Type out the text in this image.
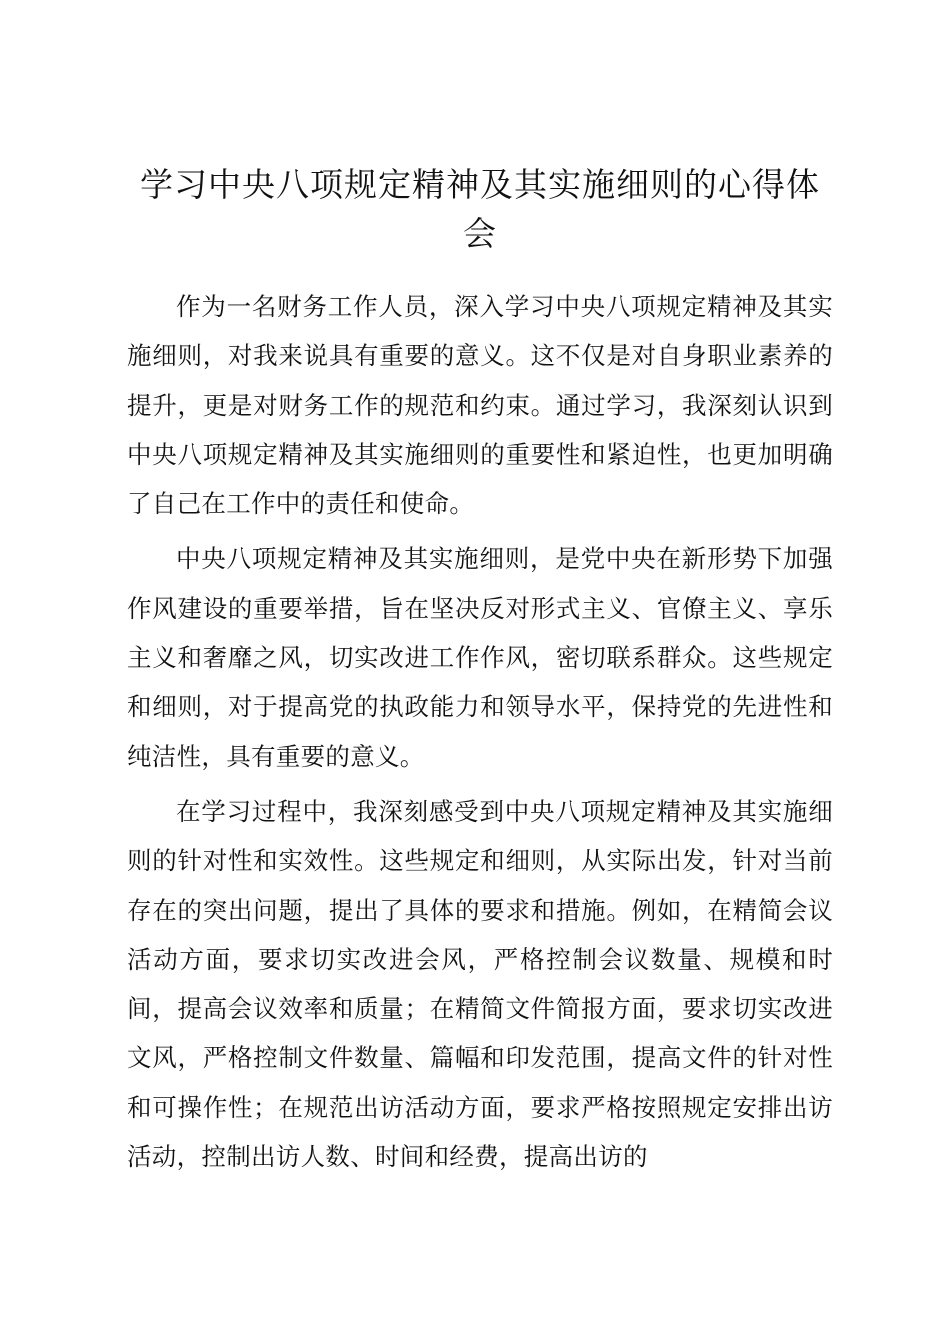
学习中央八项规定精神及其实施细则的心得体会

作为一名财务工作人员，深入学习中央八项规定精神及其实施细则，对我来说具有重要的意义。这不仅是对自身职业素养的提升，更是对财务工作的规范和约束。通过学习，我深刻认识到中央八项规定精神及其实施细则的重要性和紧迫性，也更加明确了自己在工作中的责任和使命。

中央八项规定精神及其实施细则，是党中央在新形势下加强作风建设的重要举措，旨在坚决反对形式主义、官僚主义、享乐主义和奢靡之风，切实改进工作作风，密切联系群众。这些规定和细则，对于提高党的执政能力和领导水平，保持党的先进性和纯洁性，具有重要的意义。

在学习过程中，我深刻感受到中央八项规定精神及其实施细则的针对性和实效性。这些规定和细则，从实际出发，针对当前存在的突出问题，提出了具体的要求和措施。例如，在精简会议活动方面，要求切实改进会风，严格控制会议数量、规模和时间，提高会议效率和质量；在精简文件简报方面，要求切实改进文风，严格控制文件数量、篇幅和印发范围，提高文件的针对性和可操作性；在规范出访活动方面，要求严格按照规定安排出访活动，控制出访人数、时间和经费，提高出访的
